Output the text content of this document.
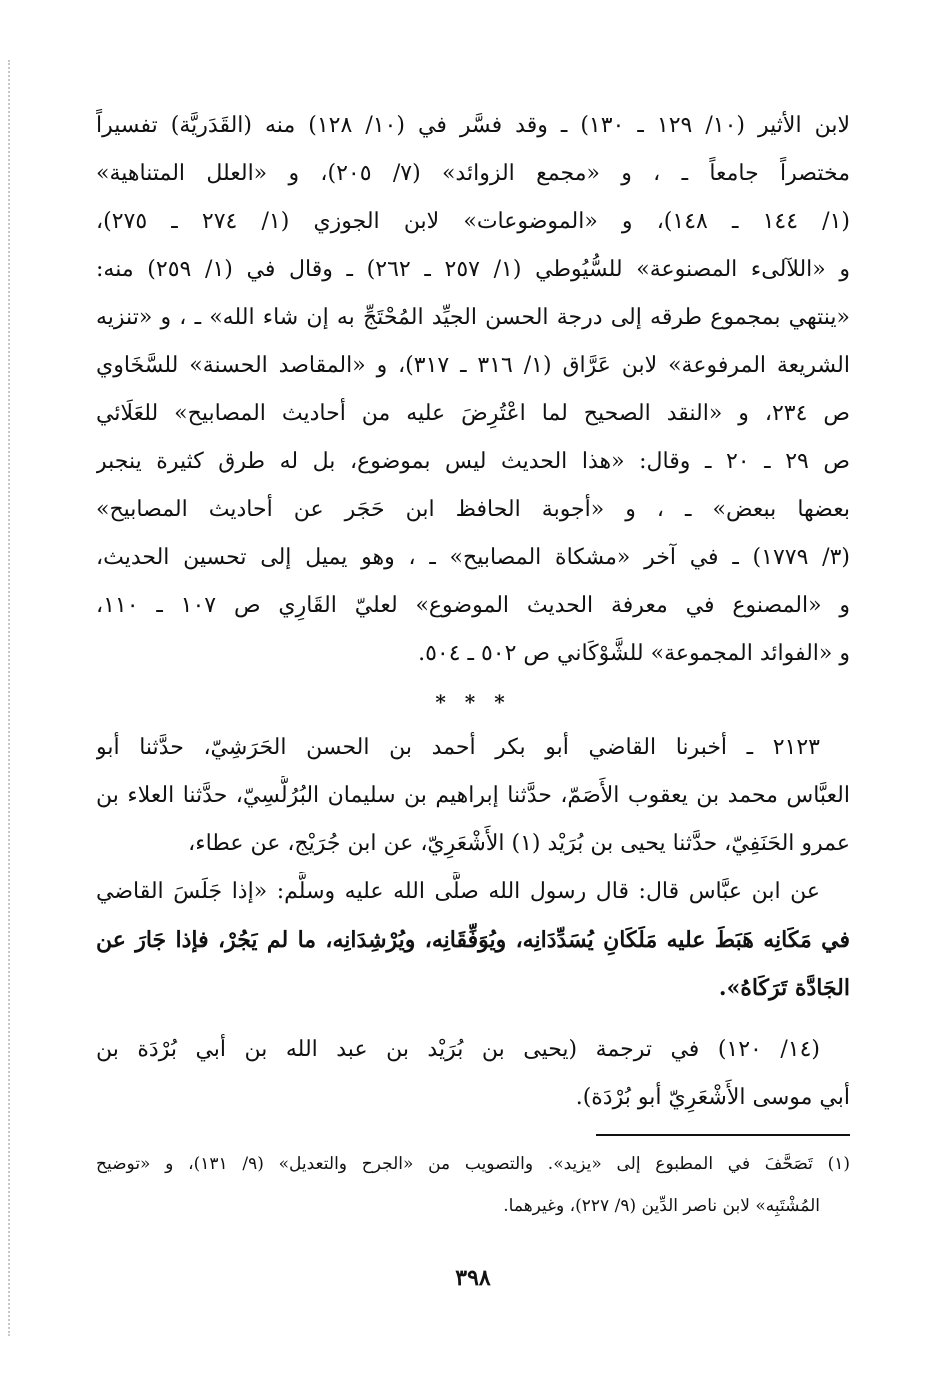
لابن الأثير (١٠/ ١٢٩ ـ ١٣٠) ـ وقد فسَّر في (١٠/ ١٢٨) منه (القَدَريَّة) تفسيراً
مختصراً جامعاً ـ ، و «مجمع الزوائد» (٧/ ٢٠٥)، و «العلل المتناهية»
(١/ ١٤٤ ـ ١٤٨)، و «الموضوعات» لابن الجوزي (١/ ٢٧٤ ـ ٢٧٥)،
و «اللآلىء المصنوعة» للسُّيُوطي (١/ ٢٥٧ ـ ٢٦٢) ـ وقال في (١/ ٢٥٩) منه:
«ينتهي بمجموع طرقه إلى درجة الحسن الجيِّد المُحْتَجِّ به إن شاء الله» ـ ، و «تنزيه
الشريعة المرفوعة» لابن عَرَّاق (١/ ٣١٦ ـ ٣١٧)، و «المقاصد الحسنة» للسَّخَاوي
ص ٢٣٤، و «النقد الصحيح لما اعْتُرِضَ عليه من أحاديث المصابيح» للعَلَائي
ص ٢٩ ـ ٢٠ ـ وقال: «هذا الحديث ليس بموضوع، بل له طرق كثيرة ينجبر
بعضها ببعض» ـ ، و «أجوبة الحافظ ابن حَجَر عن أحاديث المصابيح»
(٣/ ١٧٧٩) ـ في آخر «مشكاة المصابيح» ـ ، وهو يميل إلى تحسين الحديث،
و «المصنوع في معرفة الحديث الموضوع» لعليّ القَارِي ص ١٠٧ ـ ١١٠،
و «الفوائد المجموعة» للشَّوْكَاني ص ٥٠٢ ـ ٥٠٤.
* * *
٢١٢٣ ـ أخبرنا القاضي أبو بكر أحمد بن الحسن الحَرَشِيّ، حدَّثنا أبو
العبَّاس محمد بن يعقوب الأَصَمّ، حدَّثنا إبراهيم بن سليمان البُرُلُّسِيّ، حدَّثنا العلاء بن
عمرو الحَنَفِيّ، حدَّثنا يحيى بن بُرَيْد (١) الأَشْعَرِيّ، عن ابن جُرَيْج، عن عطاء،
عن ابن عبَّاس قال: قال رسول الله صلَّى الله عليه وسلَّم: «إذا جَلَسَ القاضي
في مَكَانِه هَبَطَ عليه مَلَكَانِ يُسَدِّدَانِه، ويُوَفِّقَانِه، ويُرْشِدَانِه، ما لم يَجُرْ، فإذا جَارَ عن
الجَادَّة تَرَكَاهُ».
(١٤/ ١٢٠) في ترجمة (يحيى بن بُرَيْد بن عبد الله بن أبي بُرْدَة بن
أبي موسى الأَشْعَرِيّ أبو بُرْدَة).
(١) تَصَحَّفَ في المطبوع إلى «يزيد». والتصويب من «الجرح والتعديل» (٩/ ١٣١)، و «توضيح
المُشْتَبِه» لابن ناصر الدِّين (٩/ ٢٢٧)، وغيرهما.
٣٩٨
